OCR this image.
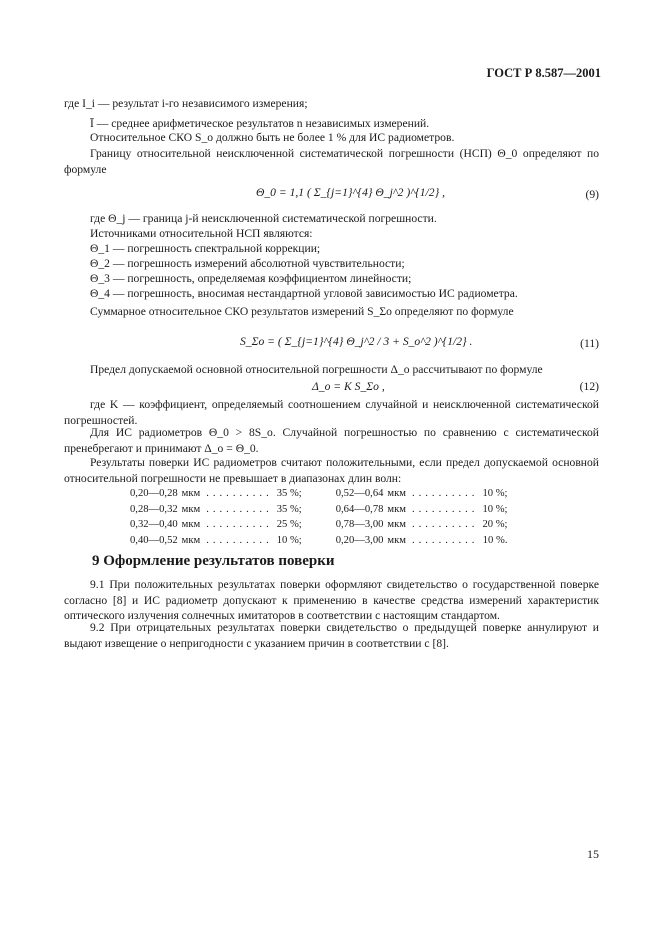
ГОСТ Р 8.587—2001
где I_i — результат i-го независимого измерения;
Ī — среднее арифметическое результатов n независимых измерений.
Относительное СКО S_o должно быть не более 1 % для ИС радиометров.
Границу относительной неисключенной систематической погрешности (НСП) Θ_0 определяют по формуле
Θ_0 = 1,1 ( Σ_{j=1}^{4} Θ_j^2 )^{1/2} ,	(9)
где Θ_j — граница j-й неисключенной систематической погрешности.
Источниками относительной НСП являются:
Θ_1 — погрешность спектральной коррекции;
Θ_2 — погрешность измерений абсолютной чувствительности;
Θ_3 — погрешность, определяемая коэффициентом линейности;
Θ_4 — погрешность, вносимая нестандартной угловой зависимостью ИС радиометра.
Суммарное относительное СКО результатов измерений S_Σo определяют по формуле
S_Σo = ( Σ_{j=1}^{4} Θ_j^2 / 3 + S_o^2 )^{1/2} .	(11)
Предел допускаемой основной относительной погрешности Δ_o рассчитывают по формуле
Δ_o = K S_Σo ,	(12)
где K — коэффициент, определяемый соотношением случайной и неисключенной систематической погрешностей.
Для ИС радиометров Θ_0 > 8S_o. Случайной погрешностью по сравнению с систематической пренебрегают и принимают Δ_o = Θ_0.
Результаты поверки ИС радиометров считают положительными, если предел допускаемой основной относительной погрешности не превышает в диапазонах длин волн:
0,20—0,28	мкм	..........	35 %;		0,52—0,64	мкм	..........	10 %;
0,28—0,32	мкм	..........	35 %;		0,64—0,78	мкм	..........	10 %;
0,32—0,40	мкм	..........	25 %;		0,78—3,00	мкм	..........	20 %;
0,40—0,52	мкм	..........	10 %;		0,20—3,00	мкм	..........	10 %.
9 Оформление результатов поверки
9.1 При положительных результатах поверки оформляют свидетельство о государственной поверке согласно [8] и ИС радиометр допускают к применению в качестве средства измерений характеристик оптического излучения солнечных имитаторов в соответствии с настоящим стандартом.
9.2 При отрицательных результатах поверки свидетельство о предыдущей поверке аннулируют и выдают извещение о непригодности с указанием причин в соответствии с [8].
15
